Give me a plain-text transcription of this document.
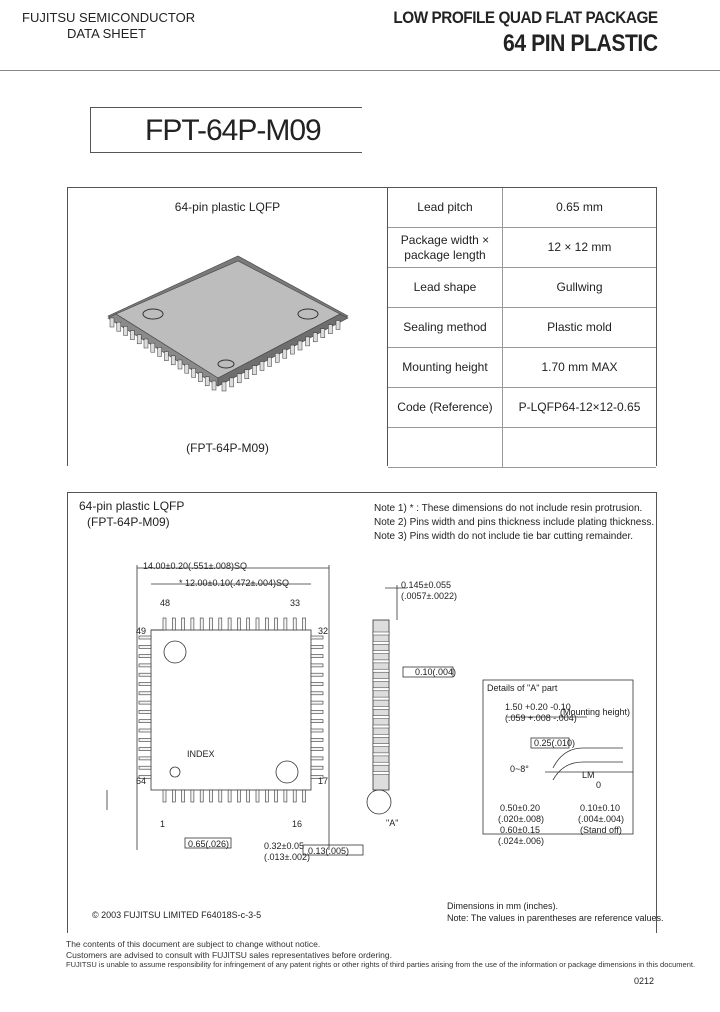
FUJITSU SEMICONDUCTOR
DATA SHEET
LOW PROFILE QUAD FLAT PACKAGE
64 PIN PLASTIC
FPT-64P-M09
64-pin plastic LQFP
(FPT-64P-M09)
Lead pitch	0.65 mm
Package width × package length	12 × 12 mm
Lead shape	Gullwing
Sealing method	Plastic mold
Mounting height	1.70 mm MAX
Code (Reference)	P-LQFP64-12×12-0.65

64-pin plastic LQFP
(FPT-64P-M09)
Note 1) * : These dimensions do not include resin protrusion.
Note 2) Pins width and pins thickness include plating thickness.
Note 3) Pins width do not include tie bar cutting remainder.
14.00±0.20(.551±.008)SQ
* 12.00±0.10(.472±.004)SQ
48	33
49	32
64	17
1	16
INDEX
0.65(.026)	0.32±0.05
(.013±.002)
0.13(.005)
0.145±0.055
(.0057±.0022)
0.10(.004)
"A"
Details of "A" part
1.50 +0.20 -0.10
(.059 +.008 -.004)
(Mounting height)
0.25(.010)
0~8°
0.50±0.20
(.020±.008)
0.60±0.15
(.024±.006)
0.10±0.10
(.004±.004)
(Stand off)
LM
0
© 2003 FUJITSU LIMITED F64018S-c-3-5
Dimensions in mm (inches).
Note: The values in parentheses are reference values.
The contents of this document are subject to change without notice.
Customers are advised to consult with FUJITSU sales representatives before ordering.
FUJITSU is unable to assume responsibility for infringement of any patent rights or other rights of third parties arising from the use of the information or package dimensions in this document.
0212
